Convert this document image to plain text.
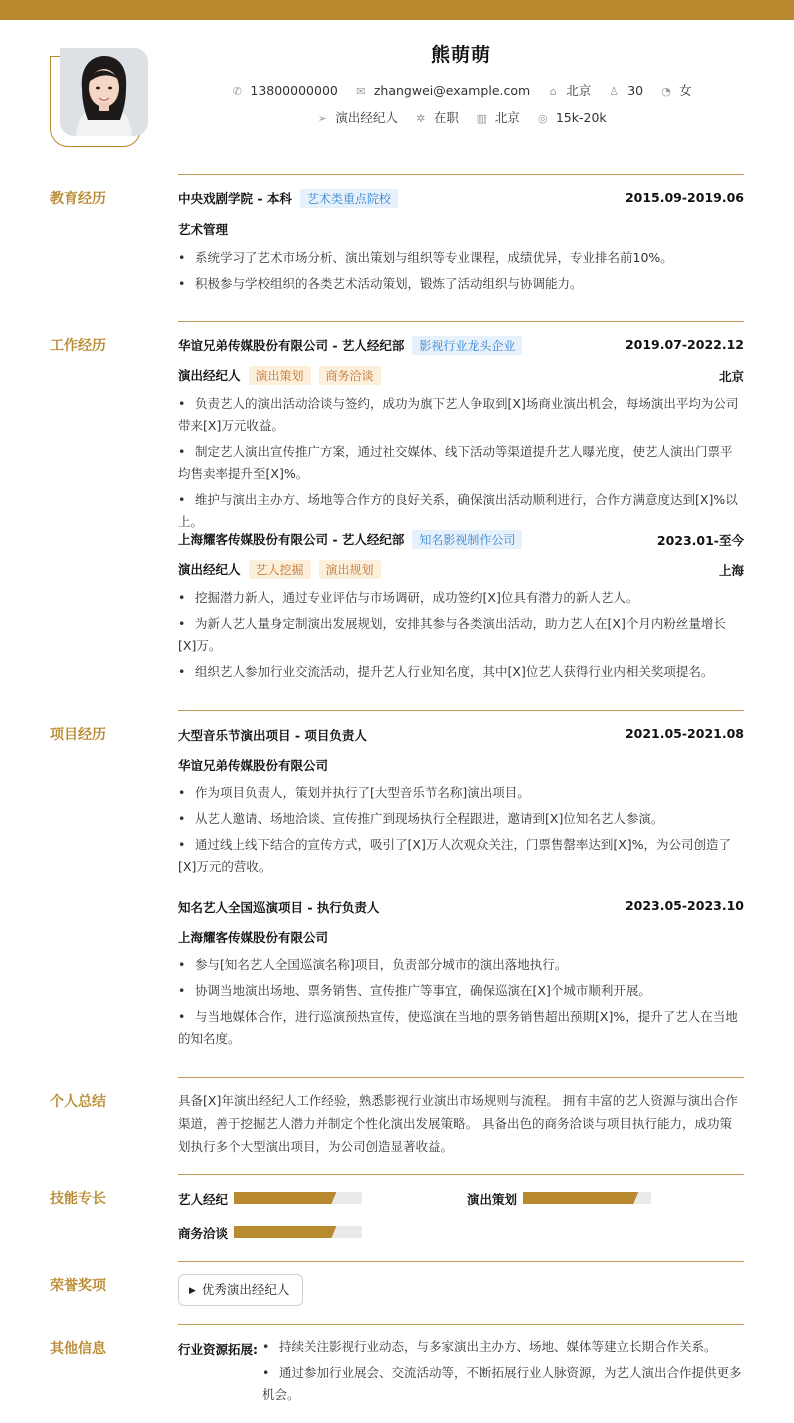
熊萌萌
✆ 13800000000 ✉ zhangwei@example.com ⌂ 北京 ♙ 30 ◔ 女
➢ 演出经纪人 ✲ 在职 ▥ 北京 ◎ 15k-20k
教育经历	中央戏剧学院 - 本科 艺术类重点院校	2015.09-2019.06
艺术管理
• 系统学习了艺术市场分析、演出策划与组织等专业课程，成绩优异，专业排名前10%。
• 积极参与学校组织的各类艺术活动策划，锻炼了活动组织与协调能力。
工作经历	华谊兄弟传媒股份有限公司 - 艺人经纪部 影视行业龙头企业	2019.07-2022.12
演出经纪人 演出策划 商务洽谈	北京
• 负责艺人的演出活动洽谈与签约，成功为旗下艺人争取到[X]场商业演出机会，每场演出平均为公司带来[X]万元收益。
• 制定艺人演出宣传推广方案，通过社交媒体、线下活动等渠道提升艺人曝光度，使艺人演出门票平均售卖率提升至[X]%。
• 维护与演出主办方、场地等合作方的良好关系，确保演出活动顺利进行，合作方满意度达到[X]%以上。
上海耀客传媒股份有限公司 - 艺人经纪部 知名影视制作公司	2023.01-至今
演出经纪人 艺人挖掘 演出规划	上海
• 挖掘潜力新人，通过专业评估与市场调研，成功签约[X]位具有潜力的新人艺人。
• 为新人艺人量身定制演出发展规划，安排其参与各类演出活动，助力艺人在[X]个月内粉丝量增长[X]万。
• 组织艺人参加行业交流活动，提升艺人行业知名度，其中[X]位艺人获得行业内相关奖项提名。
项目经历	大型音乐节演出项目 - 项目负责人	2021.05-2021.08
华谊兄弟传媒股份有限公司
• 作为项目负责人，策划并执行了[大型音乐节名称]演出项目。
• 从艺人邀请、场地洽谈、宣传推广到现场执行全程跟进，邀请到[X]位知名艺人参演。
• 通过线上线下结合的宣传方式，吸引了[X]万人次观众关注，门票售罄率达到[X]%，为公司创造了[X]万元的营收。
知名艺人全国巡演项目 - 执行负责人	2023.05-2023.10
上海耀客传媒股份有限公司
• 参与[知名艺人全国巡演名称]项目，负责部分城市的演出落地执行。
• 协调当地演出场地、票务销售、宣传推广等事宜，确保巡演在[X]个城市顺利开展。
• 与当地媒体合作，进行巡演预热宣传，使巡演在当地的票务销售超出预期[X]%，提升了艺人在当地的知名度。
个人总结	具备[X]年演出经纪人工作经验，熟悉影视行业演出市场规则与流程。 拥有丰富的艺人资源与演出合作渠道，善于挖掘艺人潜力并制定个性化演出发展策略。 具备出色的商务洽谈与项目执行能力，成功策划执行多个大型演出项目，为公司创造显著收益。
技能专长	艺人经纪	演出策划
商务洽谈
荣誉奖项	▶ 优秀演出经纪人
其他信息	行业资源拓展: • 持续关注影视行业动态，与多家演出主办方、场地、媒体等建立长期合作关系。
• 通过参加行业展会、交流活动等，不断拓展行业人脉资源，为艺人演出合作提供更多机会。
